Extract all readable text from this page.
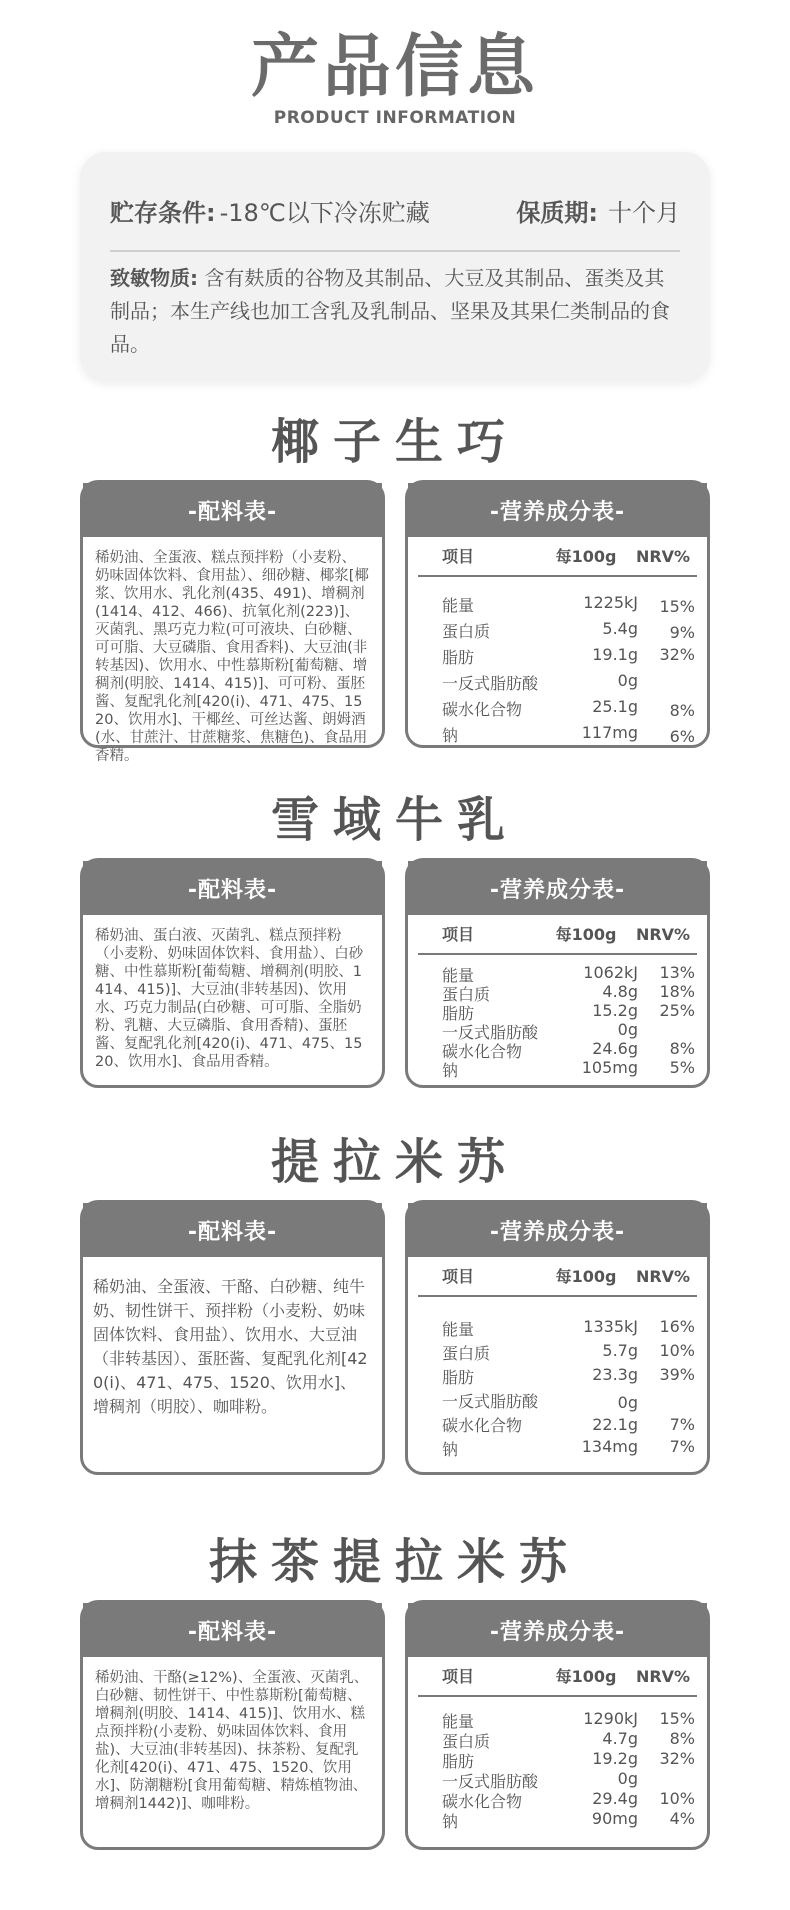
产品信息
PRODUCT INFORMATION
贮存条件: -18℃以下冷冻贮藏	保质期: 十个月
致敏物质: 含有麸质的谷物及其制品、大豆及其制品、蛋类及其制品；本生产线也加工含乳及乳制品、坚果及其果仁类制品的食品。
椰子生巧
-配料表-
稀奶油、全蛋液、糕点预拌粉（小麦粉、奶味固体饮料、食用盐）、细砂糖、椰浆[椰浆、饮用水、乳化剂(435、491)、增稠剂(1414、412、466)、抗氧化剂(223)]、灭菌乳、黑巧克力粒(可可液块、白砂糖、可可脂、大豆磷脂、食用香料)、大豆油(非转基因)、饮用水、中性慕斯粉[葡萄糖、增稠剂(明胶、1414、415)]、可可粉、蛋胚酱、复配乳化剂[420(i)、471、475、1520、饮用水]、干椰丝、可丝达酱、朗姆酒(水、甘蔗汁、甘蔗糖浆、焦糖色)、食品用香精。
-营养成分表-
项目	每100g	NRV%
能量	1225kJ	15%
蛋白质	5.4g	9%
脂肪	19.1g	32%
一反式脂肪酸	0g
碳水化合物	25.1g	8%
钠	117mg	6%
雪域牛乳
-配料表-
稀奶油、蛋白液、灭菌乳、糕点预拌粉（小麦粉、奶味固体饮料、食用盐）、白砂糖、中性慕斯粉[葡萄糖、增稠剂(明胶、1414、415)]、大豆油(非转基因)、饮用水、巧克力制品(白砂糖、可可脂、全脂奶粉、乳糖、大豆磷脂、食用香精)、蛋胚酱、复配乳化剂[420(i)、471、475、1520、饮用水]、食品用香精。
-营养成分表-
项目	每100g	NRV%
能量	1062kJ	13%
蛋白质	4.8g	18%
脂肪	15.2g	25%
一反式脂肪酸	0g
碳水化合物	24.6g	8%
钠	105mg	5%
提拉米苏
-配料表-
稀奶油、全蛋液、干酪、白砂糖、纯牛奶、韧性饼干、预拌粉（小麦粉、奶味固体饮料、食用盐）、饮用水、大豆油（非转基因）、蛋胚酱、复配乳化剂[420(i)、471、475、1520、饮用水]、增稠剂（明胶）、咖啡粉。
-营养成分表-
项目	每100g	NRV%
能量	1335kJ	16%
蛋白质	5.7g	10%
脂肪	23.3g	39%
一反式脂肪酸	0g
碳水化合物	22.1g	7%
钠	134mg	7%
抹茶提拉米苏
-配料表-
稀奶油、干酪(≥12%)、全蛋液、灭菌乳、白砂糖、韧性饼干、中性慕斯粉[葡萄糖、增稠剂(明胶、1414、415)]、饮用水、糕点预拌粉(小麦粉、奶味固体饮料、食用盐)、大豆油(非转基因)、抹茶粉、复配乳化剂[420(i)、471、475、1520、饮用水]、防潮糖粉[食用葡萄糖、精炼植物油、增稠剂1442)]、咖啡粉。
-营养成分表-
项目	每100g	NRV%
能量	1290kJ	15%
蛋白质	4.7g	8%
脂肪	19.2g	32%
一反式脂肪酸	0g
碳水化合物	29.4g	10%
钠	90mg	4%
